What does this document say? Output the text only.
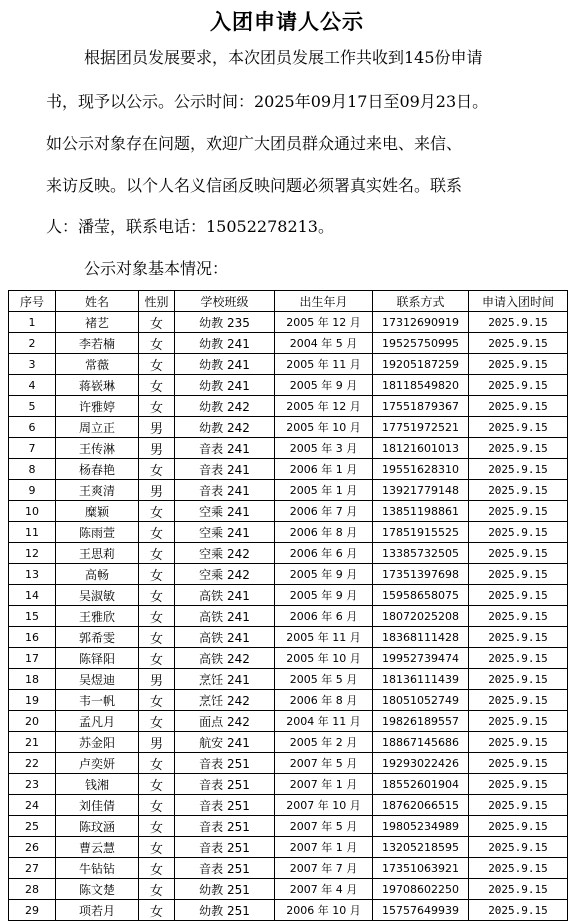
入团申请人公示
根据团员发展要求，本次团员发展工作共收到145份申请
书，现予以公示。公示时间：2025年09月17日至09月23日。
如公示对象存在问题，欢迎广大团员群众通过来电、来信、
来访反映。以个人名义信函反映问题必须署真实姓名。联系
人：潘莹，联系电话：15052278213。
公示对象基本情况：
序号	姓名	性别	学校班级	出生年月	联系方式	申请入团时间
1	褚艺	女	幼教 235	2005 年 12 月	17312690919	2025.9.15
2	李若楠	女	幼教 241	2004 年 5 月	19525750995	2025.9.15
3	常薇	女	幼教 241	2005 年 11 月	19205187259	2025.9.15
4	蒋嵚琳	女	幼教 241	2005 年 9 月	18118549820	2025.9.15
5	许雅婷	女	幼教 242	2005 年 12 月	17551879367	2025.9.15
6	周立正	男	幼教 242	2005 年 10 月	17751972521	2025.9.15
7	王传淋	男	音表 241	2005 年 3 月	18121601013	2025.9.15
8	杨春艳	女	音表 241	2006 年 1 月	19551628310	2025.9.15
9	王爽清	男	音表 241	2005 年 1 月	13921779148	2025.9.15
10	糜颖	女	空乘 241	2006 年 7 月	13851198861	2025.9.15
11	陈雨萱	女	空乘 241	2006 年 8 月	17851915525	2025.9.15
12	王思莉	女	空乘 242	2006 年 6 月	13385732505	2025.9.15
13	高畅	女	空乘 242	2005 年 9 月	17351397698	2025.9.15
14	吴淑敏	女	高铁 241	2005 年 9 月	15958658075	2025.9.15
15	王雅欣	女	高铁 241	2006 年 6 月	18072025208	2025.9.15
16	郭希雯	女	高铁 241	2005 年 11 月	18368111428	2025.9.15
17	陈铎阳	女	高铁 242	2005 年 10 月	19952739474	2025.9.15
18	吴煜迪	男	烹饪 241	2005 年 5 月	18136111439	2025.9.15
19	韦一帆	女	烹饪 242	2006 年 8 月	18051052749	2025.9.15
20	孟凡月	女	面点 242	2004 年 11 月	19826189557	2025.9.15
21	苏金阳	男	航安 241	2005 年 2 月	18867145686	2025.9.15
22	卢奕妍	女	音表 251	2007 年 5 月	19293022426	2025.9.15
23	钱湘	女	音表 251	2007 年 1 月	18552601904	2025.9.15
24	刘佳倩	女	音表 251	2007 年 10 月	18762066515	2025.9.15
25	陈玟涵	女	音表 251	2007 年 5 月	19805234989	2025.9.15
26	曹云慧	女	音表 251	2007 年 1 月	13205218595	2025.9.15
27	牛钻钻	女	音表 251	2007 年 7 月	17351063921	2025.9.15
28	陈文楚	女	幼教 251	2007 年 4 月	19708602250	2025.9.15
29	项若月	女	幼教 251	2006 年 10 月	15757649939	2025.9.15
